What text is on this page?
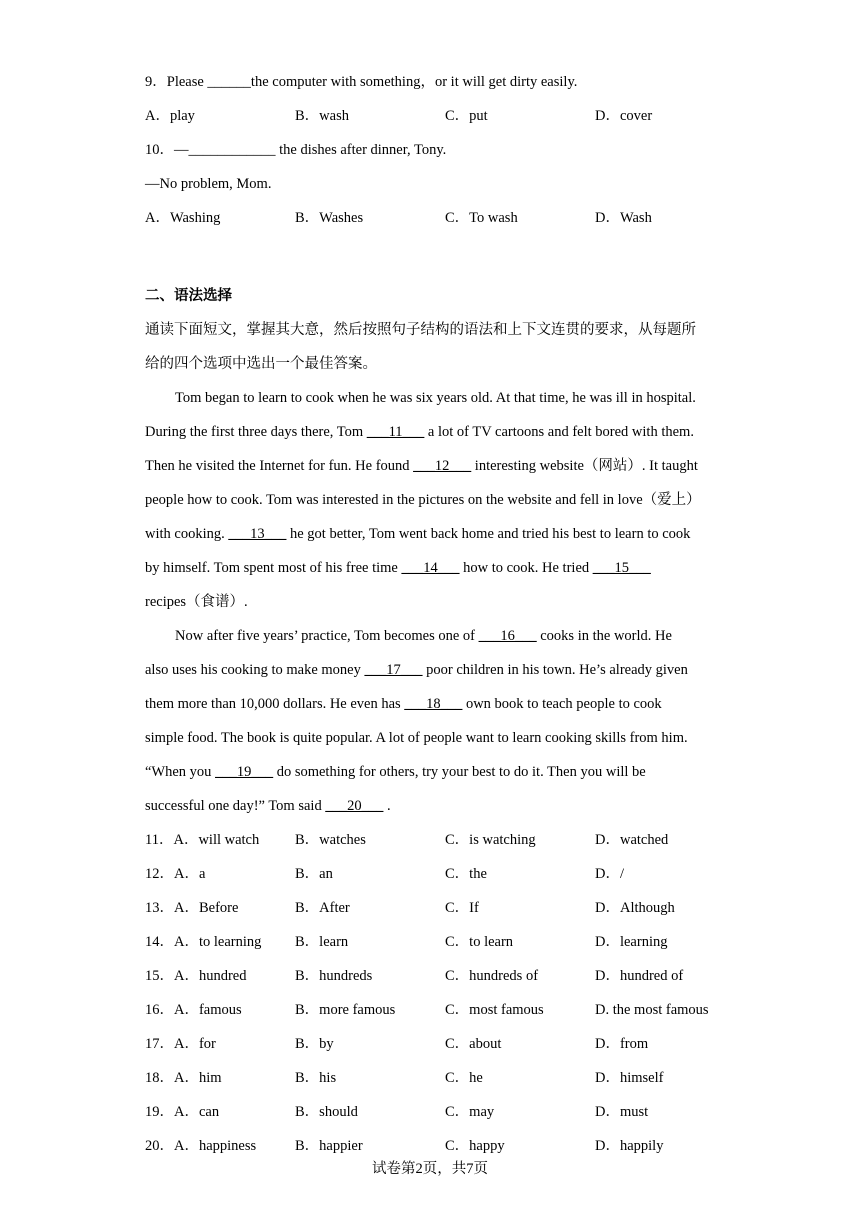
9．Please ______the computer with something，or it will get dirty easily.
A．play	B．wash	C．put	D．cover
10．—____________ the dishes after dinner, Tony.
—No problem, Mom.
A．Washing	B．Washes	C．To wash	D．Wash
二、语法选择
通读下面短文，掌握其大意，然后按照句子结构的语法和上下文连贯的要求，从每题所
给的四个选项中选出一个最佳答案。
Tom began to learn to cook when he was six years old. At that time, he was ill in hospital.
During the first three days there, Tom ___11___ a lot of TV cartoons and felt bored with them.
Then he visited the Internet for fun. He found ___12___ interesting website（网站）. It taught
people how to cook. Tom was interested in the pictures on the website and fell in love（爱上）
with cooking. ___13___ he got better, Tom went back home and tried his best to learn to cook
by himself. Tom spent most of his free time ___14___ how to cook. He tried ___15___
recipes（食谱）.
Now after five years’ practice, Tom becomes one of ___16___ cooks in the world. He
also uses his cooking to make money ___17___ poor children in his town. He’s already given
them more than 10,000 dollars. He even has ___18___ own book to teach people to cook
simple food. The book is quite popular. A lot of people want to learn cooking skills from him.
“When you ___19___ do something for others, try your best to do it. Then you will be
successful one day!” Tom said ___20___ .
11．A．will watch B．watches	C．is watching	D．watched
12．A．a	B．an	C．the	D．/
13．A．Before	B．After	C．If	D．Although
14．A．to learning B．learn	C．to learn	D．learning
15．A．hundred	B．hundreds	C．hundreds of	D．hundred of
16．A．famous	B．more famous	C．most famous	D. the most famous
17．A．for	B．by	C．about	D．from
18．A．him	B．his	C．he	D．himself
19．A．can	B．should	C．may	D．must
20．A．happiness	B．happier	C．happy	D．happily
试卷第2页，共7页
